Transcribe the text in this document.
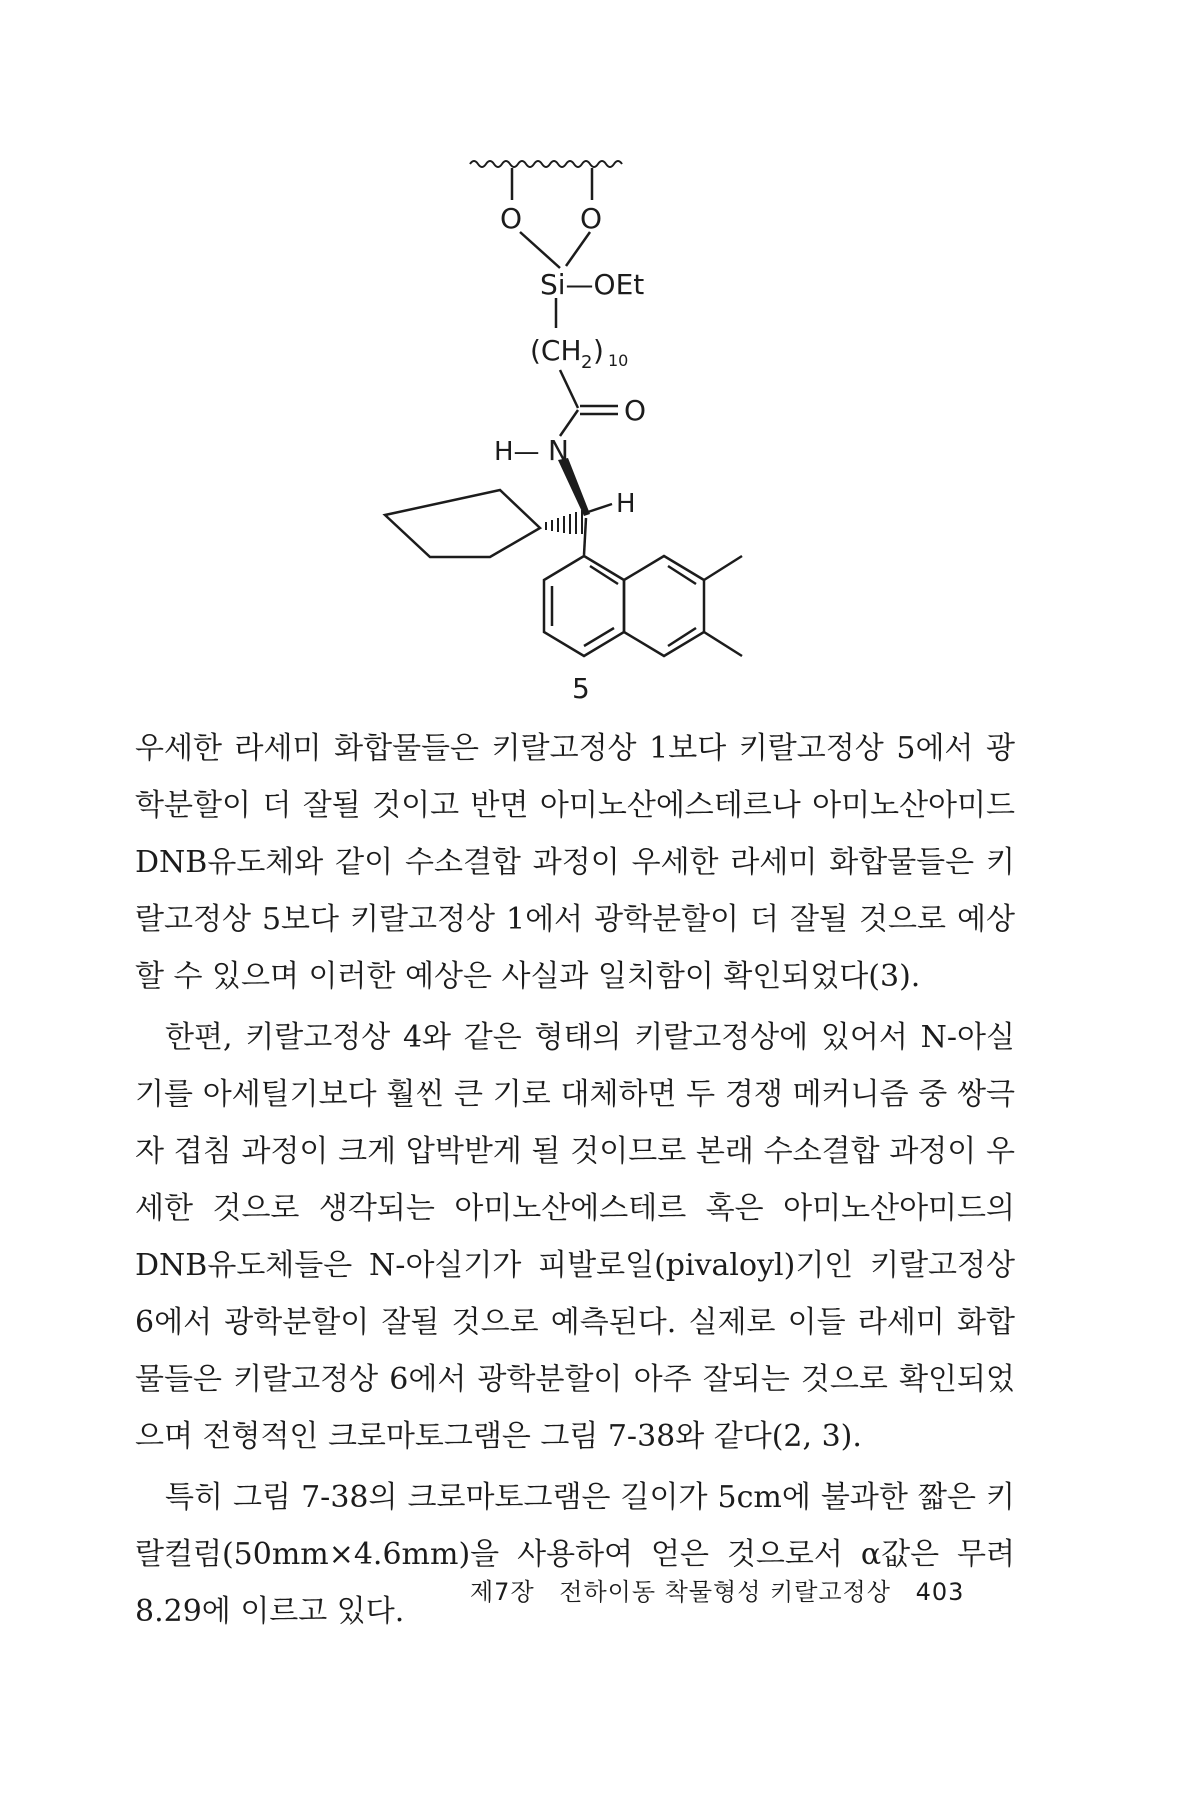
O O
Si—OEt
(CH 2 ) 10
O
H— N
H
5

우세한 라세미 화합물들은 키랄고정상 1보다 키랄고정상 5에서 광학분할이 더 잘될 것이고 반면 아미노산에스테르나 아미노산아미드 DNB유도체와 같이 수소결합 과정이 우세한 라세미 화합물들은 키랄고정상 5보다 키랄고정상 1에서 광학분할이 더 잘될 것으로 예상할 수 있으며 이러한 예상은 사실과 일치함이 확인되었다(3).

한편, 키랄고정상 4와 같은 형태의 키랄고정상에 있어서 N-아실기를 아세틸기보다 훨씬 큰 기로 대체하면 두 경쟁 메커니즘 중 쌍극자 겹침 과정이 크게 압박받게 될 것이므로 본래 수소결합 과정이 우세한 것으로 생각되는 아미노산에스테르 혹은 아미노산아미드의 DNB유도체들은 N-아실기가 피발로일(pivaloyl)기인 키랄고정상 6에서 광학분할이 잘될 것으로 예측된다. 실제로 이들 라세미 화합물들은 키랄고정상 6에서 광학분할이 아주 잘되는 것으로 확인되었으며 전형적인 크로마토그램은 그림 7-38와 같다(2, 3).

특히 그림 7-38의 크로마토그램은 길이가 5cm에 불과한 짧은 키랄컬럼(50mm×4.6mm)을 사용하여 얻은 것으로서 α값은 무려 8.29에 이르고 있다.

제7장 전하이동 착물형성 키랄고정상 403
